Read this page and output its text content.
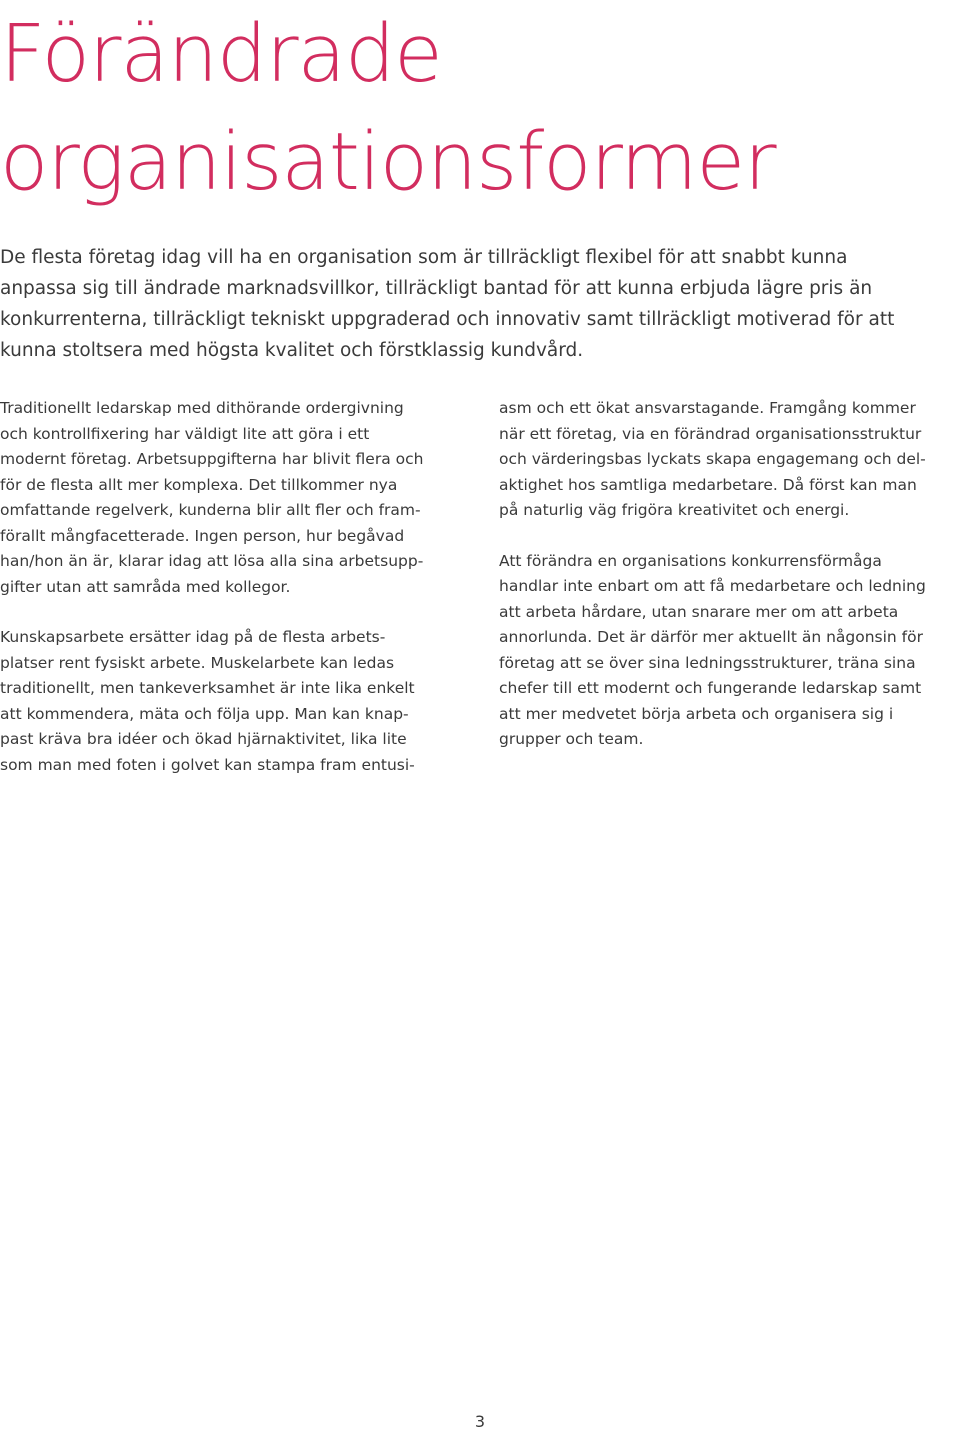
Förändrade
organisationsformer

De flesta företag idag vill ha en organisation som är tillräckligt flexibel för att snabbt kunna
anpassa sig till ändrade marknadsvillkor, tillräckligt bantad för att kunna erbjuda lägre pris än
konkurrenterna, tillräckligt tekniskt uppgraderad och innovativ samt tillräckligt motiverad för att
kunna stoltsera med högsta kvalitet och förstklassig kundvård.

Traditionellt ledarskap med dithörande ordergivning
och kontrollfixering har väldigt lite att göra i ett
modernt företag. Arbetsuppgifterna har blivit flera och
för de flesta allt mer komplexa. Det tillkommer nya
omfattande regelverk, kunderna blir allt fler och fram-
förallt mångfacetterade. Ingen person, hur begåvad
han/hon än är, klarar idag att lösa alla sina arbetsupp-
gifter utan att samråda med kollegor.

Kunskapsarbete ersätter idag på de flesta arbets-
platser rent fysiskt arbete. Muskelarbete kan ledas
traditionellt, men tankeverksamhet är inte lika enkelt
att kommendera, mäta och följa upp. Man kan knap-
past kräva bra idéer och ökad hjärnaktivitet, lika lite
som man med foten i golvet kan stampa fram entusi-

asm och ett ökat ansvarstagande. Framgång kommer
när ett företag, via en förändrad organisationsstruktur
och värderingsbas lyckats skapa engagemang och del-
aktighet hos samtliga medarbetare. Då först kan man
på naturlig väg frigöra kreativitet och energi.

Att förändra en organisations konkurrensförmåga
handlar inte enbart om att få medarbetare och ledning
att arbeta hårdare, utan snarare mer om att arbeta
annorlunda. Det är därför mer aktuellt än någonsin för
företag att se över sina ledningsstrukturer, träna sina
chefer till ett modernt och fungerande ledarskap samt
att mer medvetet börja arbeta och organisera sig i
grupper och team.

3
